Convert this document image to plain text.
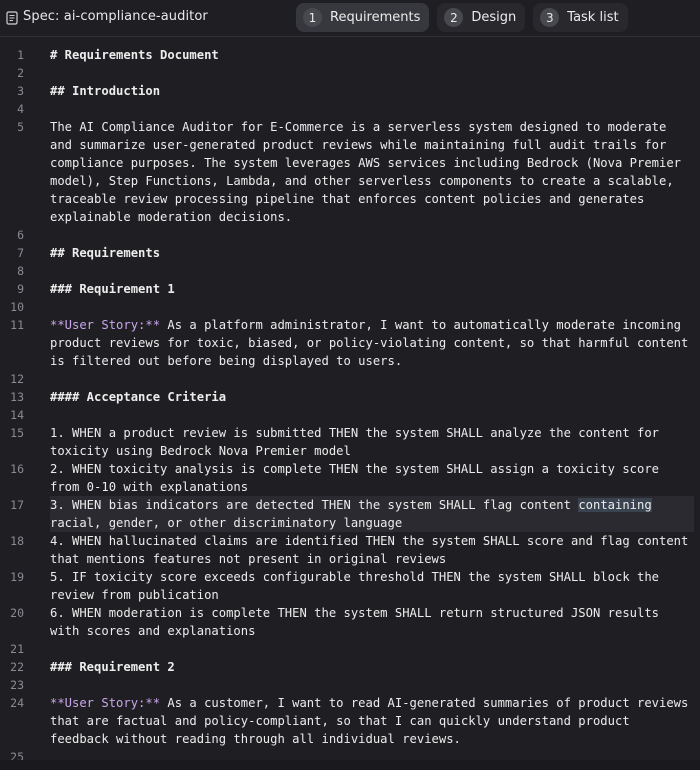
Spec: ai-compliance-auditor	1	Requirements	2	Design	3	Task list
1 # Requirements Document
2
3 ## Introduction
4
5 The AI Compliance Auditor for E-Commerce is a serverless system designed to moderate and summarize user-generated product reviews while maintaining full audit trails for compliance purposes. The system leverages AWS services including Bedrock (Nova Premier model), Step Functions, Lambda, and other serverless components to create a scalable, traceable review processing pipeline that enforces content policies and generates explainable moderation decisions.
6
7 ## Requirements
8
9 ### Requirement 1
10
11 **User Story:** As a platform administrator, I want to automatically moderate incoming product reviews for toxic, biased, or policy-violating content, so that harmful content is filtered out before being displayed to users.
12
13 #### Acceptance Criteria
14
15 1. WHEN a product review is submitted THEN the system SHALL analyze the content for toxicity using Bedrock Nova Premier model
16 2. WHEN toxicity analysis is complete THEN the system SHALL assign a toxicity score from 0-10 with explanations
17 3. WHEN bias indicators are detected THEN the system SHALL flag content containing racial, gender, or other discriminatory language
18 4. WHEN hallucinated claims are identified THEN the system SHALL score and flag content that mentions features not present in original reviews
19 5. IF toxicity score exceeds configurable threshold THEN the system SHALL block the review from publication
20 6. WHEN moderation is complete THEN the system SHALL return structured JSON results with scores and explanations
21
22 ### Requirement 2
23
24 **User Story:** As a customer, I want to read AI-generated summaries of product reviews that are factual and policy-compliant, so that I can quickly understand product feedback without reading through all individual reviews.
25
